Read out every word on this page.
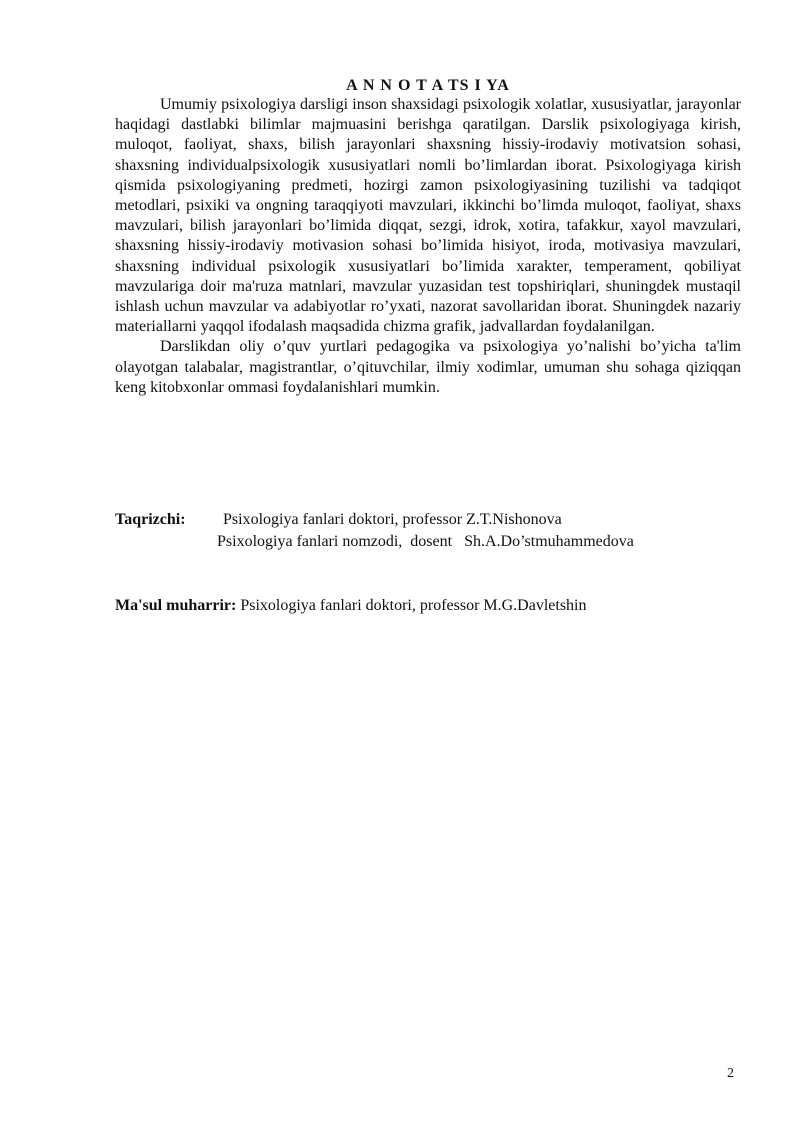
A N N O T A TS I YA

Umumiy psixologiya darsligi inson shaxsidagi psixologik xolatlar, xususiyatlar, jarayonlar haqidagi dastlabki bilimlar majmuasini berishga qaratilgan. Darslik psixologiyaga kirish, muloqot, faoliyat, shaxs, bilish jarayonlari shaxsning hissiy-irodaviy motivatsion sohasi, shaxsning individualpsixologik xususiyatlari nomli bo’limlardan iborat. Psixologiyaga kirish qismida psixologiyaning predmeti, hozirgi zamon psixologiyasining tuzilishi va tadqiqot metodlari, psixiki va ongning taraqqiyoti mavzulari, ikkinchi bo’limda muloqot, faoliyat, shaxs mavzulari, bilish jarayonlari bo’limida diqqat, sezgi, idrok, xotira, tafakkur, xayol mavzulari, shaxsning hissiy-irodaviy motivasion sohasi bo’limida hisiyot, iroda, motivasiya mavzulari, shaxsning individual psixologik xususiyatlari bo’limida xarakter, temperament, qobiliyat mavzulariga doir ma'ruza matnlari, mavzular yuzasidan test topshiriqlari, shuningdek mustaqil ishlash uchun mavzular va adabiyotlar ro’yxati, nazorat savollaridan iborat. Shuningdek nazariy materiallarni yaqqol ifodalash maqsadida chizma grafik, jadvallardan foydalanilgan.

Darslikdan oliy o’quv yurtlari pedagogika va psixologiya yo’nalishi bo’yicha ta'lim olayotgan talabalar, magistrantlar, o’qituvchilar, ilmiy xodimlar, umuman shu sohaga qiziqqan keng kitobxonlar ommasi foydalanishlari mumkin.

Taqrizchi: Psixologiya fanlari doktori, professor Z.T.Nishonova
Psixologiya fanlari nomzodi,  dosent   Sh.A.Do’stmuhammedova
Ma'sul muharrir: Psixologiya fanlari doktori, professor M.G.Davletshin
2
